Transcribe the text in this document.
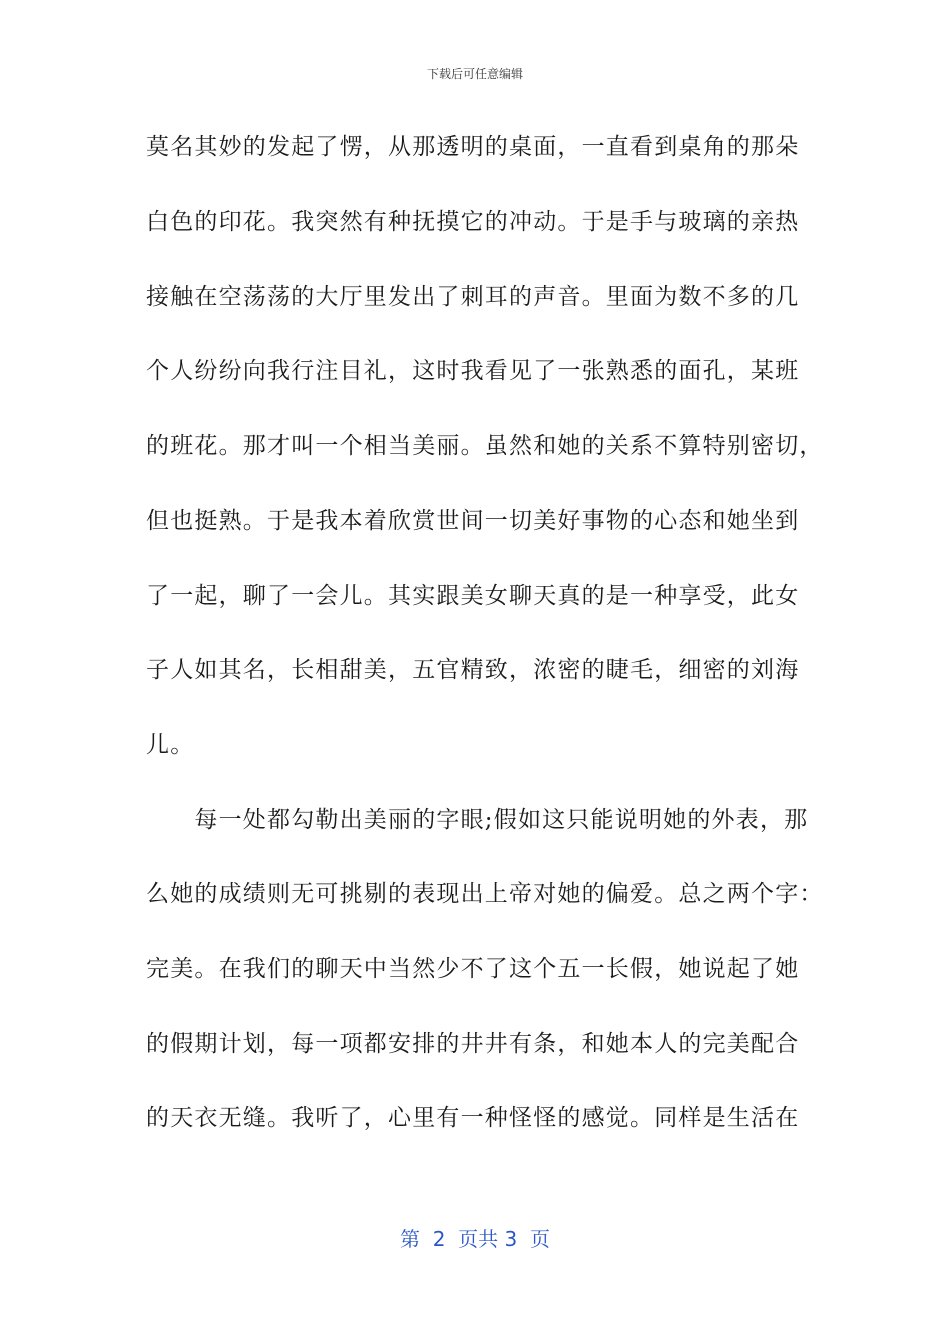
下载后可任意编辑
莫名其妙的发起了愣，从那透明的桌面，一直看到桌角的那朵
白色的印花。我突然有种抚摸它的冲动。于是手与玻璃的亲热
接触在空荡荡的大厅里发出了刺耳的声音。里面为数不多的几
个人纷纷向我行注目礼，这时我看见了一张熟悉的面孔，某班
的班花。那才叫一个相当美丽。虽然和她的关系不算特别密切，
但也挺熟。于是我本着欣赏世间一切美好事物的心态和她坐到
了一起，聊了一会儿。其实跟美女聊天真的是一种享受，此女
子人如其名，长相甜美，五官精致，浓密的睫毛，细密的刘海
儿。
　　每一处都勾勒出美丽的字眼;假如这只能说明她的外表，那
么她的成绩则无可挑剔的表现出上帝对她的偏爱。总之两个字：
完美。在我们的聊天中当然少不了这个五一长假，她说起了她
的假期计划，每一项都安排的井井有条，和她本人的完美配合
的天衣无缝。我听了，心里有一种怪怪的感觉。同样是生活在
第  2  页共 3  页
